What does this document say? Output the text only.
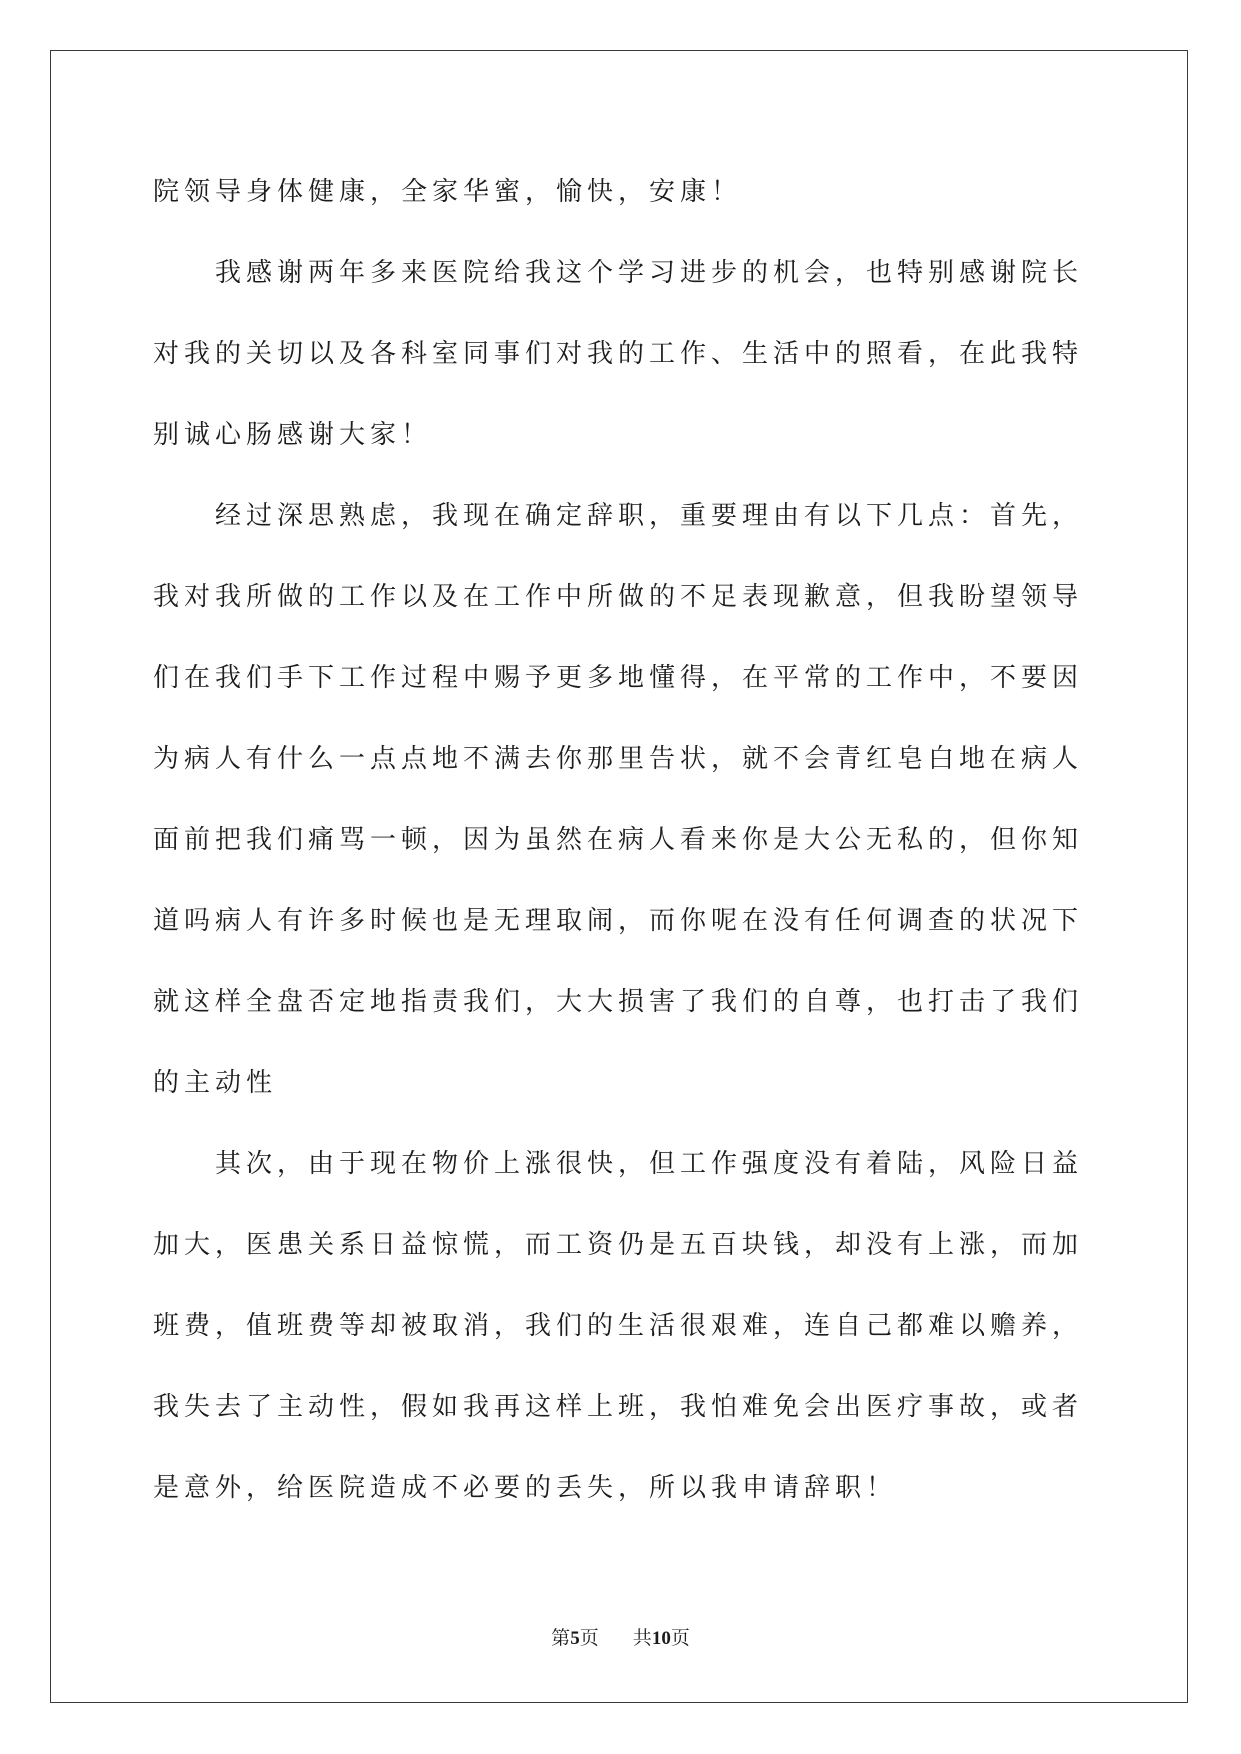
院领导身体健康，全家华蜜，愉快，安康！
我感谢两年多来医院给我这个学习进步的机会，也特别感谢院长
对我的关切以及各科室同事们对我的工作、生活中的照看，在此我特
别诚心肠感谢大家！
经过深思熟虑，我现在确定辞职，重要理由有以下几点：首先，
我对我所做的工作以及在工作中所做的不足表现歉意，但我盼望领导
们在我们手下工作过程中赐予更多地懂得，在平常的工作中，不要因
为病人有什么一点点地不满去你那里告状，就不会青红皂白地在病人
面前把我们痛骂一顿，因为虽然在病人看来你是大公无私的，但你知
道吗病人有许多时候也是无理取闹，而你呢在没有任何调查的状况下
就这样全盘否定地指责我们，大大损害了我们的自尊，也打击了我们
的主动性
其次，由于现在物价上涨很快，但工作强度没有着陆，风险日益
加大，医患关系日益惊慌，而工资仍是五百块钱，却没有上涨，而加
班费，值班费等却被取消，我们的生活很艰难，连自己都难以赡养，
我失去了主动性，假如我再这样上班，我怕难免会出医疗事故，或者
是意外，给医院造成不必要的丢失，所以我申请辞职！
第5页 共10页
